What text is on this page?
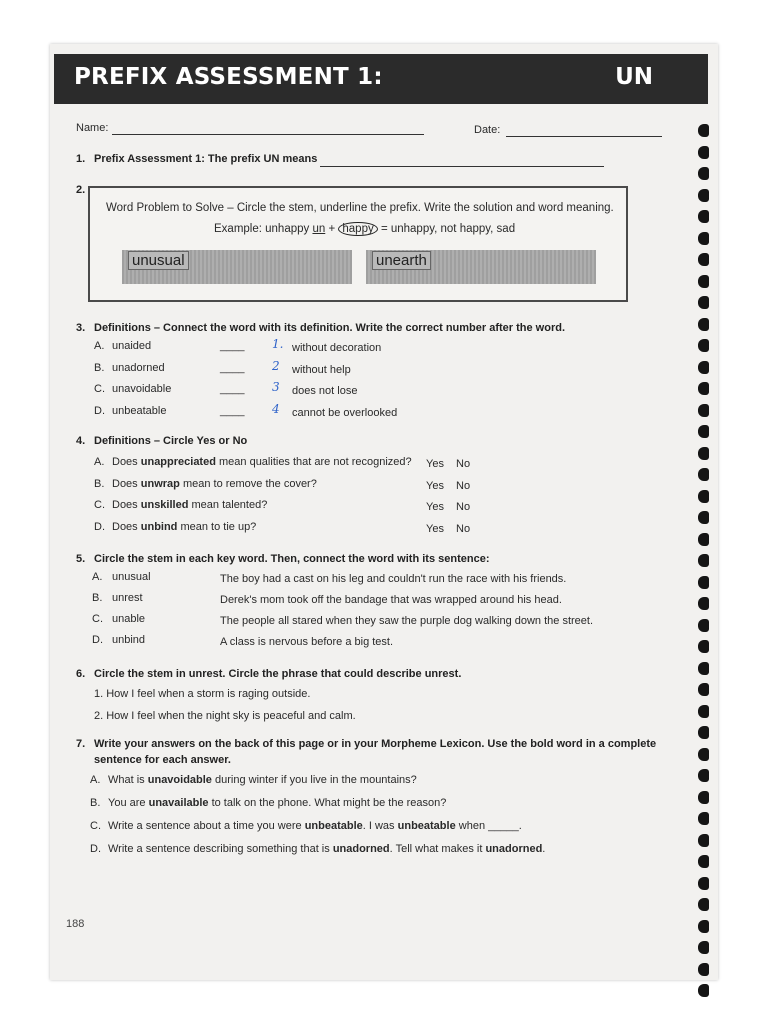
PREFIX ASSESSMENT 1:	UN
Name:	Date:
1. Prefix Assessment 1: The prefix UN means
2.
Word Problem to Solve – Circle the stem, underline the prefix. Write the solution and word meaning.
Example: unhappy un + happy = unhappy, not happy, sad
unusual	unearth
3. Definitions – Connect the word with its definition. Write the correct number after the word.
A. unaided	____ 1. without decoration
B. unadorned	____ 2 without help
C. unavoidable	____ 3 does not lose
D. unbeatable	____ 4 cannot be overlooked
4. Definitions – Circle Yes or No
A. Does unappreciated mean qualities that are not recognized? Yes No
B. Does unwrap mean to remove the cover?	Yes No
C. Does unskilled mean talented?	Yes No
D. Does unbind mean to tie up?	Yes No
5. Circle the stem in each key word. Then, connect the word with its sentence:
A. unusual	The boy had a cast on his leg and couldn't run the race with his friends.
B. unrest	Derek's mom took off the bandage that was wrapped around his head.
C. unable	The people all stared when they saw the purple dog walking down the street.
D. unbind	A class is nervous before a big test.
6. Circle the stem in unrest. Circle the phrase that could describe unrest.
1. How I feel when a storm is raging outside.
2. How I feel when the night sky is peaceful and calm.
7. Write your answers on the back of this page or in your Morpheme Lexicon. Use the bold word in a complete
sentence for each answer.
A. What is unavoidable during winter if you live in the mountains?
B. You are unavailable to talk on the phone. What might be the reason?
C. Write a sentence about a time you were unbeatable. I was unbeatable when _____.
D. Write a sentence describing something that is unadorned. Tell what makes it unadorned.
188
